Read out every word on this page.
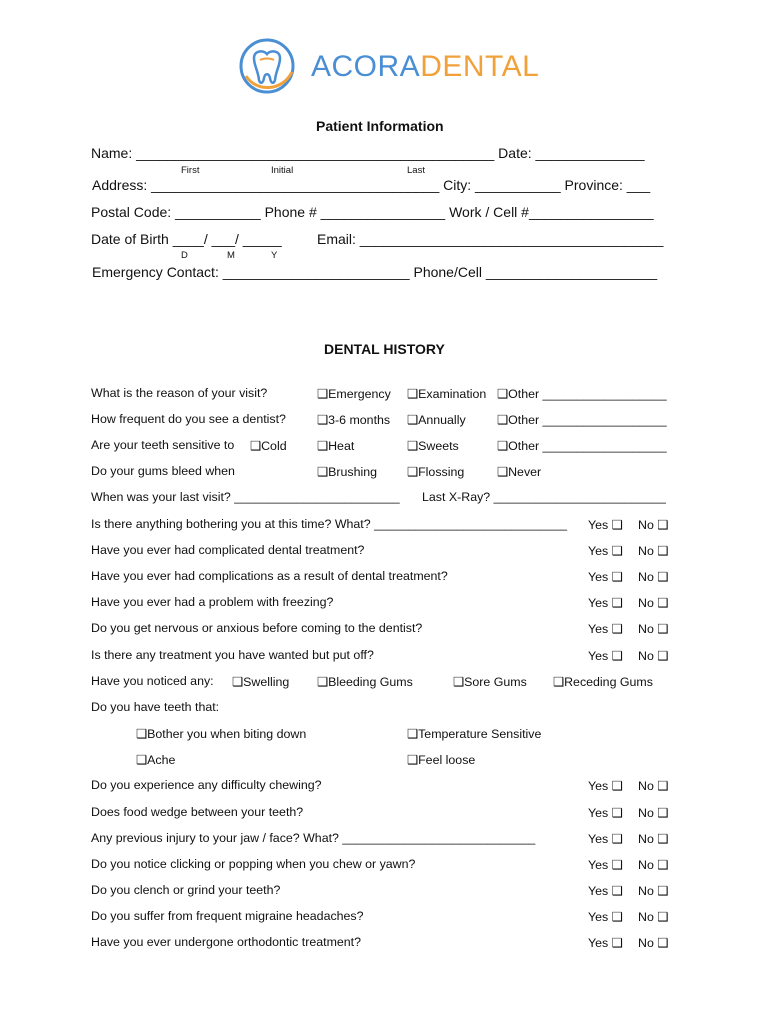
ACORADENTAL
Patient Information
Name: ______________________________________________ Date: ______________
First	Initial	Last
Address: _____________________________________ City: ___________ Province: ___
Postal Code: ___________ Phone # ________________ Work / Cell #________________
Date of Birth ____/ ___/ _____	Email: _______________________________________
D	M	Y
Emergency Contact: ________________________ Phone/Cell ______________________
DENTAL HISTORY
What is the reason of your visit?	❑Emergency ❑Examination ❑Other __________________
How frequent do you see a dentist?	❑3-6 months ❑Annually	❑Other __________________
Are your teeth sensitive to ❑Cold ❑Heat	❑Sweets	❑Other __________________
Do your gums bleed when	❑Brushing ❑Flossing	❑Never
When was your last visit? ________________________ Last X-Ray? _________________________
Is there anything bothering you at this time? What? ____________________________ Yes ❑ No ❑
Have you ever had complicated dental treatment?	Yes ❑ No ❑
Have you ever had complications as a result of dental treatment?	Yes ❑ No ❑
Have you ever had a problem with freezing?	Yes ❑ No ❑
Do you get nervous or anxious before coming to the dentist?	Yes ❑ No ❑
Is there any treatment you have wanted but put off?	Yes ❑ No ❑
Have you noticed any: ❑Swelling ❑Bleeding Gums	❑Sore Gums ❑Receding Gums
Do you have teeth that:
❑Bother you when biting down	❑Temperature Sensitive
❑Ache	❑Feel loose
Do you experience any difficulty chewing?	Yes ❑ No ❑
Does food wedge between your teeth?	Yes ❑ No ❑
Any previous injury to your jaw / face? What? ____________________________	Yes ❑ No ❑
Do you notice clicking or popping when you chew or yawn?	Yes ❑ No ❑
Do you clench or grind your teeth?	Yes ❑ No ❑
Do you suffer from frequent migraine headaches?	Yes ❑ No ❑
Have you ever undergone orthodontic treatment?	Yes ❑ No ❑
